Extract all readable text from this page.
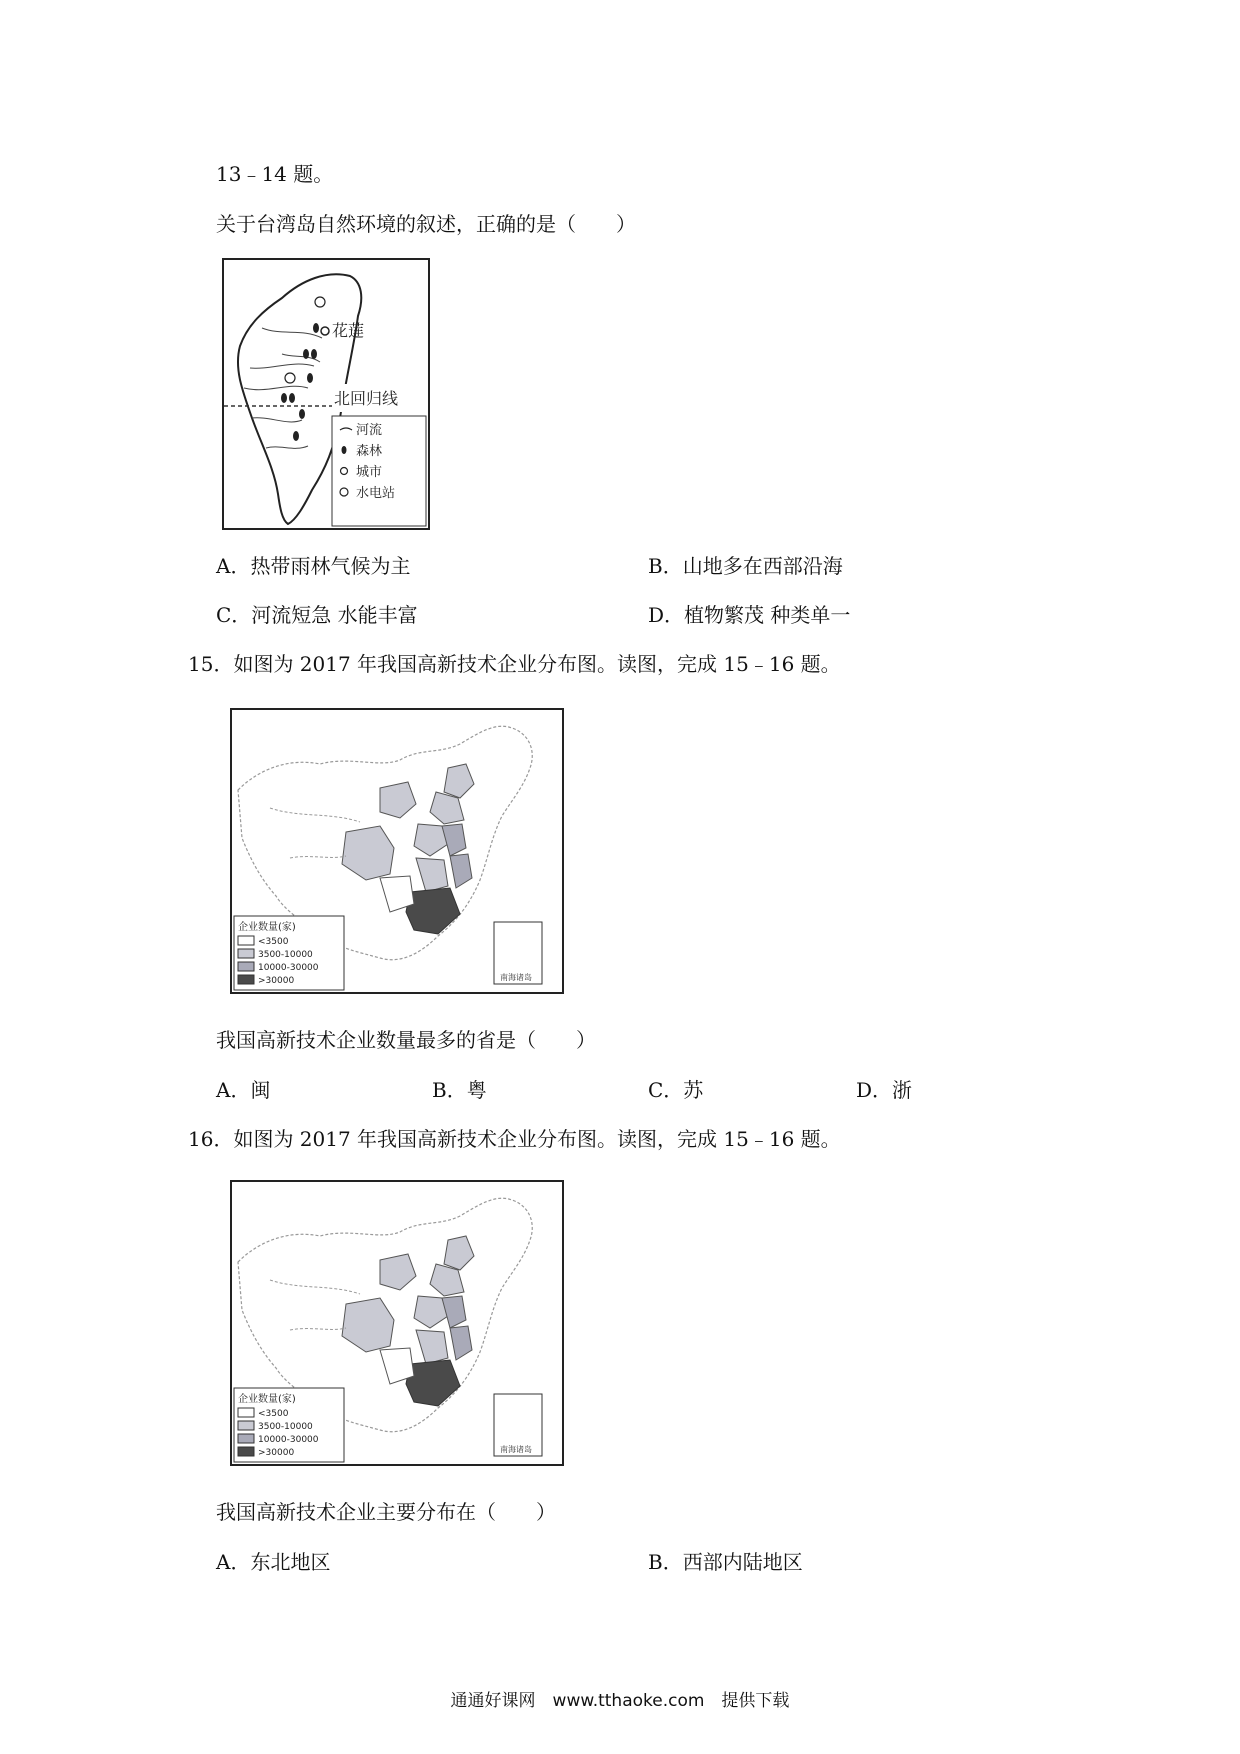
13﹣14 题。
关于台湾岛自然环境的叙述，正确的是（　　）
花莲
北回归线
河流
森林
城市
水电站
A．热带雨林气候为主	B．山地多在西部沿海
C．河流短急 水能丰富	D．植物繁茂 种类单一
15．如图为 2017 年我国高新技术企业分布图。读图，完成 15﹣16 题。
南海诸岛
企业数量(家)
<3500
3500-10000
10000-30000
>30000
我国高新技术企业数量最多的省是（　　）
A．闽	B．粤	C．苏	D．浙
16．如图为 2017 年我国高新技术企业分布图。读图，完成 15﹣16 题。
南海诸岛
企业数量(家)
<3500
3500-10000
10000-30000
>30000
我国高新技术企业主要分布在（　　）
A．东北地区	B．西部内陆地区
通通好课网　www.tthaoke.com　提供下载
